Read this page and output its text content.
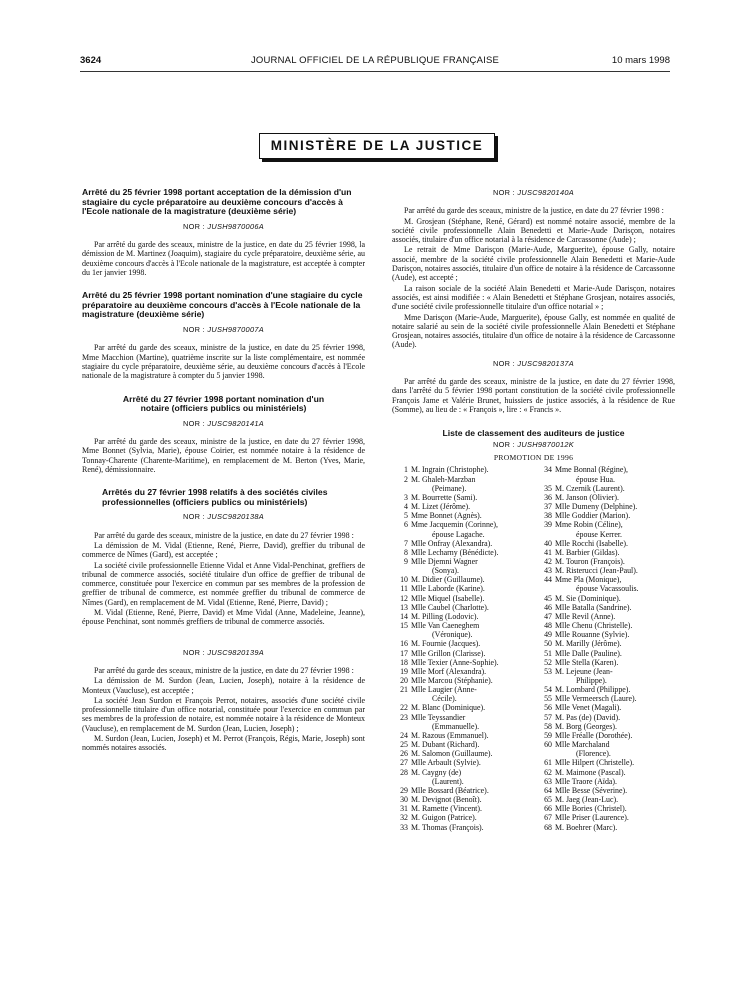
3624	JOURNAL OFFICIEL DE LA RÉPUBLIQUE FRANÇAISE	10 mars 1998
MINISTÈRE DE LA JUSTICE
Arrêté du 25 février 1998 portant acceptation de la démission d'un stagiaire du cycle préparatoire au deuxième concours d'accès à l'Ecole nationale de la magistrature (deuxième série)
NOR : JUSH9870006A
Par arrêté du garde des sceaux, ministre de la justice, en date du 25 février 1998, la démission de M. Martinez (Joaquim), stagiaire du cycle préparatoire, deuxième série, au deuxième concours d'accès à l'Ecole nationale de la magistrature, est acceptée à compter du 1er janvier 1998.
Arrêté du 25 février 1998 portant nomination d'une stagiaire du cycle préparatoire au deuxième concours d'accès à l'Ecole nationale de la magistrature (deuxième série)
NOR : JUSH9870007A
Par arrêté du garde des sceaux, ministre de la justice, en date du 25 février 1998, Mme Macchion (Martine), quatrième inscrite sur la liste complémentaire, est nommée stagiaire du cycle préparatoire, deuxième série, au deuxième concours d'accès à l'Ecole nationale de la magistrature à compter du 5 janvier 1998.
Arrêté du 27 février 1998 portant nomination d'un notaire (officiers publics ou ministériels)
NOR : JUSC9820141A
Par arrêté du garde des sceaux, ministre de la justice, en date du 27 février 1998, Mme Bonnet (Sylvia, Marie), épouse Coirier, est nommée notaire à la résidence de Tonnay-Charente (Charente-Maritime), en remplacement de M. Berton (Yves, Marie, René), démissionnaire.
Arrêtés du 27 février 1998 relatifs à des sociétés civiles professionnelles (officiers publics ou ministériels)
NOR : JUSC9820138A
Par arrêté du garde des sceaux, ministre de la justice, en date du 27 février 1998 :
La démission de M. Vidal (Etienne, René, Pierre, David), greffier du tribunal de commerce de Nîmes (Gard), est acceptée ;
La société civile professionnelle Etienne Vidal et Anne Vidal-Penchinat, greffiers de tribunal de commerce associés, société titulaire d'un office de greffier de tribunal de commerce, constituée pour l'exercice en commun par ses membres de la profession de greffier de tribunal de commerce, est nommée greffier du tribunal de commerce de Nîmes (Gard), en remplacement de M. Vidal (Etienne, René, Pierre, David) ;
M. Vidal (Etienne, René, Pierre, David) et Mme Vidal (Anne, Madeleine, Jeanne), épouse Penchinat, sont nommés greffiers de tribunal de commerce associés.
NOR : JUSC9820139A
Par arrêté du garde des sceaux, ministre de la justice, en date du 27 février 1998 :
La démission de M. Surdon (Jean, Lucien, Joseph), notaire à la résidence de Monteux (Vaucluse), est acceptée ;
La société Jean Surdon et François Perrot, notaires, associés d'une société civile professionnelle titulaire d'un office notarial, constituée pour l'exercice en commun par ses membres de la profession de notaire, est nommée notaire à la résidence de Monteux (Vaucluse), en remplacement de M. Surdon (Jean, Lucien, Joseph) ;
M. Surdon (Jean, Lucien, Joseph) et M. Perrot (François, Régis, Marie, Joseph) sont nommés notaires associés.
NOR : JUSC9820140A
Par arrêté du garde des sceaux, ministre de la justice, en date du 27 février 1998 :
M. Grosjean (Stéphane, René, Gérard) est nommé notaire associé, membre de la société civile professionnelle Alain Benedetti et Marie-Aude Darisçon, notaires associés, titulaire d'un office notarial à la résidence de Carcassonne (Aude) ;
Le retrait de Mme Darisçon (Marie-Aude, Marguerite), épouse Gally, notaire associé, membre de la société civile professionnelle Alain Benedetti et Marie-Aude Darisçon, notaires associés, titulaire d'un office de notaire à la résidence de Carcassonne (Aude), est accepté ;
La raison sociale de la société Alain Benedetti et Marie-Aude Darisçon, notaires associés, est ainsi modifiée : « Alain Benedetti et Stéphane Grosjean, notaires associés, d'une société civile professionnelle titulaire d'un office notarial » ;
Mme Darisçon (Marie-Aude, Marguerite), épouse Gally, est nommée en qualité de notaire salarié au sein de la société civile professionnelle Alain Benedetti et Stéphane Grosjean, notaires associés, titulaire d'un office de notaire à la résidence de Carcassonne (Aude).
NOR : JUSC9820137A
Par arrêté du garde des sceaux, ministre de la justice, en date du 27 février 1998, dans l'arrêté du 5 février 1998 portant constitution de la société civile professionnelle François Jame et Valérie Brunet, huissiers de justice associés, à la résidence de Rue (Somme), au lieu de : « François », lire : « Francis ».
Liste de classement des auditeurs de justice
NOR : JUSH9870012K
PROMOTION DE 1996
1 M. Ingrain (Christophe).
2 M. Ghaleh-Marzban
(Peimane).
3 M. Bourrette (Sami).
4 M. Lizet (Jérôme).
5 Mme Bonnet (Agnès).
6 Mme Jacquemin (Corinne),
épouse Lagache.
7 Mlle Onfray (Alexandra).
8 Mlle Lecharny (Bénédicte).
9 Mlle Djemni Wagner
(Sonya).
10 M. Didier (Guillaume).
11 Mlle Laborde (Karine).
12 Mlle Miquel (Isabelle).
13 Mlle Caubel (Charlotte).
14 M. Pilling (Lodovic).
15 Mlle Van Caeneghem
(Véronique).
16 M. Fournie (Jacques).
17 Mlle Grillon (Clarisse).
18 Mlle Texier (Anne-Sophie).
19 Mlle Morf (Alexandra).
20 Mlle Marcou (Stéphanie).
21 Mlle Laugier (Anne-
Cécile).
22 M. Blanc (Dominique).
23 Mlle Teyssandier
(Emmanuelle).
24 M. Razous (Emmanuel).
25 M. Dubant (Richard).
26 M. Salomon (Guillaume).
27 Mlle Arbault (Sylvie).
28 M. Caygny (de)
(Laurent).
29 Mlle Bossard (Béatrice).
30 M. Devignot (Benoît).
31 M. Ramette (Vincent).
32 M. Guigon (Patrice).
33 M. Thomas (François).
34 Mme Bonnal (Régine),
épouse Hua.
35 M. Czernik (Laurent).
36 M. Janson (Olivier).
37 Mlle Dumeny (Delphine).
38 Mlle Goddier (Marion).
39 Mme Robin (Céline),
épouse Kerrer.
40 Mlle Rocchi (Isabelle).
41 M. Barbier (Gildas).
42 M. Touron (François).
43 M. Risterucci (Jean-Paul).
44 Mme Pla (Monique),
épouse Vacassoulis.
45 M. Sie (Dominique).
46 Mlle Batalla (Sandrine).
47 Mlle Revil (Anne).
48 Mlle Chenu (Christelle).
49 Mlle Rouanne (Sylvie).
50 M. Marilly (Jérôme).
51 Mlle Dalle (Pauline).
52 Mlle Stella (Karen).
53 M. Lejeune (Jean-
Philippe).
54 M. Lombard (Philippe).
55 Mlle Vermeersch (Laure).
56 Mlle Venet (Magali).
57 M. Pas (de) (David).
58 M. Borg (Georges).
59 Mlle Fréalle (Dorothée).
60 Mlle Marchaland
(Florence).
61 Mlle Hilpert (Christelle).
62 M. Maimone (Pascal).
63 Mlle Traore (Aïda).
64 Mlle Besse (Séverine).
65 M. Jaeg (Jean-Luc).
66 Mlle Bories (Christel).
67 Mlle Priser (Laurence).
68 M. Boehrer (Marc).
